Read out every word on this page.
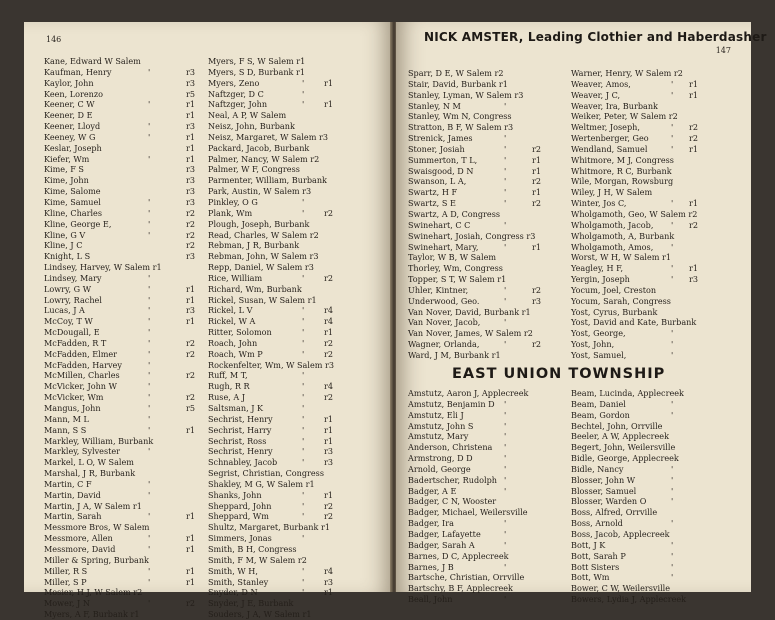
146
Kane, Edward W Salem
Kaufman, Henry	'	r3
Kaylor, John	r3
Keen, Lorenzo	r5
Keener, C W	'	r1
Keener, D E	r1
Keener, Lloyd	'	r3
Keeney, W G	'	r1
Keslar, Joseph	r1
Kiefer, Wm	'	r1
Kime, F S	r3
Kime, John	r3
Kime, Salome	r3
Kime, Samuel	'	r3
Kline, Charles	'	r2
Kline, George E,	'	r2
Kline, G V	'	r2
Kline, J C	r2
Knight, L S	r3
Lindsey, Harvey, W Salem r1
Lindsey, Mary	'
Lowry, G W	'	r1
Lowry, Rachel	'	r1
Lucas, J A	'	r3
McCoy, T W	'	r1
McDougall, E	'
McFadden, R T	'	r2
McFadden, Elmer	'	r2
McFadden, Harvey	'
McMillen, Charles	'	r2
McVicker, John W	'
McVicker, Wm	'	r2
Mangus, John	'	r5
Mann, M L	'
Mann, S S	'	r1
Markley, William, Burbank
Markley, Sylvester	'
Markel, L O, W Salem
Marshal, J R, Burbank
Martin, C F	'
Martin, David	'
Martin, J A, W Salem r1
Martin, Sarah	'	r1
Messmore Bros, W Salem
Messmore, Allen	'	r1
Messmore, David	'	r1
Miller & Spring, Burbank
Miller, R S	'	r1
Miller, S P	'	r1
Mosier, H J, W Salem r2
Mower, J N	'	r2
Myers, A F, Burbank r1
Myers, F S, W Salem r1
Myers, S D, Burbank r1
Myers, Zeno	' r1
Naftzger, D C	'
Naftzger, John	' r1
Neal, A P, W Salem
Neisz, John, Burbank
Neisz, Margaret, W Salem r3
Packard, Jacob, Burbank
Palmer, Nancy, W Salem r2
Palmer, W F, Congress
Parmenter, William, Burbank
Park, Austin, W Salem r3
Pinkley, O G	'
Plank, Wm	' r2
Plough, Joseph, Burbank
Read, Charles, W Salem r2
Rebman, J R, Burbank
Rebman, John, W Salem r3
Repp, Daniel, W Salem r3
Rice, William	' r2
Richard, Wm, Burbank
Rickel, Susan, W Salem r1
Rickel, L V	' r4
Rickel, W A	' r4
Ritter, Solomon	' r1
Roach, John	' r2
Roach, Wm P	' r2
Rockenfelter, Wm, W Salem r3
Ruff, M T,	'
Rugh, R R	' r4
Ruse, A J	' r2
Saltsman, J K	'
Sechrist, Henry	' r1
Sechrist, Harry	' r1
Sechrist, Ross	' r1
Sechrist, Henry	' r3
Schnabley, Jacob	' r3
Segrist, Christian, Congress
Shakley, M G, W Salem r1
Shanks, John	' r1
Sheppard, John	' r2
Sheppard, Wm	' r2
Shultz, Margaret, Burbank r1
Simmers, Jonas	'
Smith, B H, Congress
Smith, F M, W Salem r2
Smith, W H,	' r4
Smith, Stanley	' r3
Snyder, D N	' r1
Snyder, J E, Burbank
Souders, J A, W Salem r1
NICK AMSTER, Leading Clothier and Haberdasher
147
Sparr, D E, W Salem r2
Stair, David, Burbank r1
Stanley, Lyman, W Salem r3
Stanley, N M	'
Stanley, Wm N, Congress
Stratton, B F, W Salem r3
Strenick, James	'
Stoner, Josiah	'	r2
Summerton, T L,	'	r1
Swaisgood, D N	'	r1
Swanson, L A,	'	r2
Swartz, H F	'	r1
Swartz, S E	'	r2
Swartz, A D, Congress
Swinehart, C C	'
Swinehart, Josiah, Congress r3
Swinehart, Mary,	'	r1
Taylor, W B, W Salem
Thorley, Wm, Congress
Topper, S T, W Salem r1
Uhler, Kintner,	'	r2
Underwood, Geo.	'	r3
Van Nover, David, Burbank r1
Van Nover, Jacob,	'
Van Nover, James, W Salem r2
Wagner, Orlanda,	'	r2
Ward, J M, Burbank r1
Warner, Henry, W Salem r2
Weaver, Amos,	' r1
Weaver, J C,	' r1
Weaver, Ira, Burbank
Weiker, Peter, W Salem r2
Weltmer, Joseph,	' r2
Wertenberger, Geo	' r2
Wendland, Samuel	' r1
Whitmore, M J, Congress
Whitmore, R C, Burbank
Wile, Morgan, Rowsburg
Wiley, J H, W Salem
Winter, Jos C,	' r1
Wholgamoth, Geo, W Salem r2
Wholgamoth, Jacob, ' r2
Wholgamoth, A, Burbank
Wholgamoth, Amos, '
Worst, W H, W Salem r1
Yeagley, H F,	' r1
Yergin, Joseph	' r3
Yocum, Joel, Creston
Yocum, Sarah, Congress
Yost, Cyrus, Burbank
Yost, David and Kate, Burbank
Yost, George,	'
Yost, John,	'
Yost, Samuel,	'
EAST UNION TOWNSHIP
Amstutz, Aaron J, Applecreek
Amstutz, Benjamin D '
Amstutz, Eli J	'
Amstutz, John S	'
Amstutz, Mary	'
Anderson, Christena '
Armstrong, D D	'
Arnold, George	'
Badertscher, Rudolph '
Badger, A E	'
Badger, C N, Wooster
Badger, Michael, Weilersville
Badger, Ira	'
Badger, Lafayette	'
Badger, Sarah A	'
Barnes, D C, Applecreek
Barnes, J B	'
Bartsche, Christian, Orrville
Bartschy, B F, Applecreek
Beall, John	'
Beam, Lucinda, Applecreek
Beam, Daniel	'
Beam, Gordon	'
Bechtel, John, Orrville
Beeler, A W, Applecreek
Begert, John, Weilersville
Bidle, George, Applecreek
Bidle, Nancy	'
Blosser, John W	'
Blosser, Samuel	'
Blosser, Warden O	'
Boss, Alfred, Orrville
Boss, Arnold	'
Boss, Jacob, Applecreek
Bott, J K	'
Bott, Sarah P	'
Bott Sisters	'
Bott, Wm	'
Bower, C W, Weilersville
Bowers, Lydia J, Applecreek
